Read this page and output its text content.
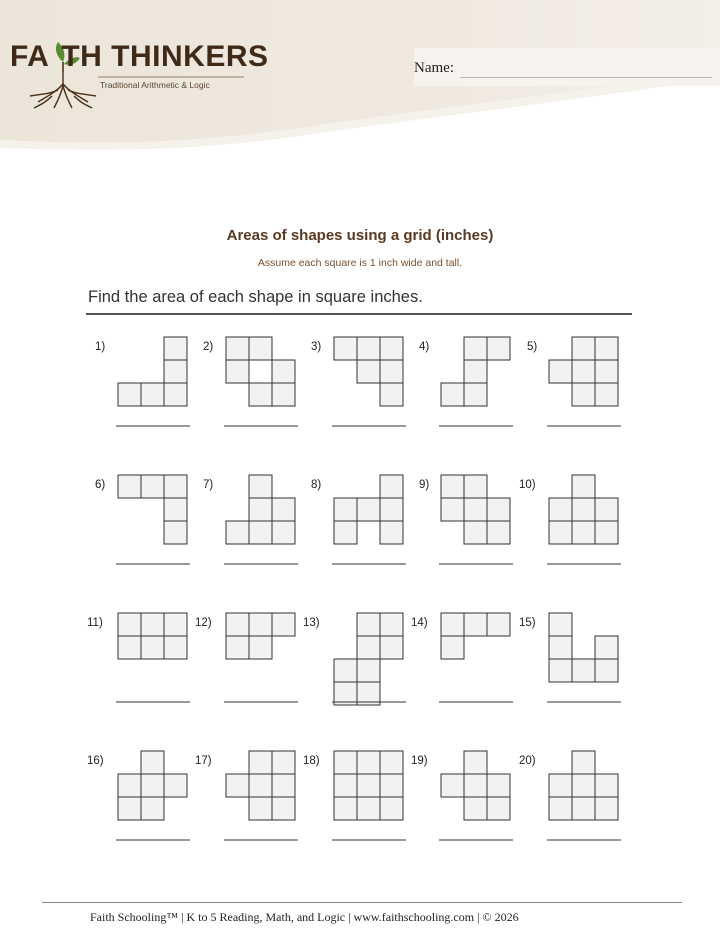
FA TH THINKERS
Traditional Arithmetic & Logic
Name:
Areas of shapes using a grid (inches)
Assume each square is 1 inch wide and tall.
Find the area of each shape in square inches.
1)	2)	3)	4)	5)
6)	7)	8)	9)	10)
11)	12)	13)	14)	15)
16)	17)	18)	19)	20)
Faith Schooling™ | K to 5 Reading, Math, and Logic | www.faithschooling.com | © 2026
